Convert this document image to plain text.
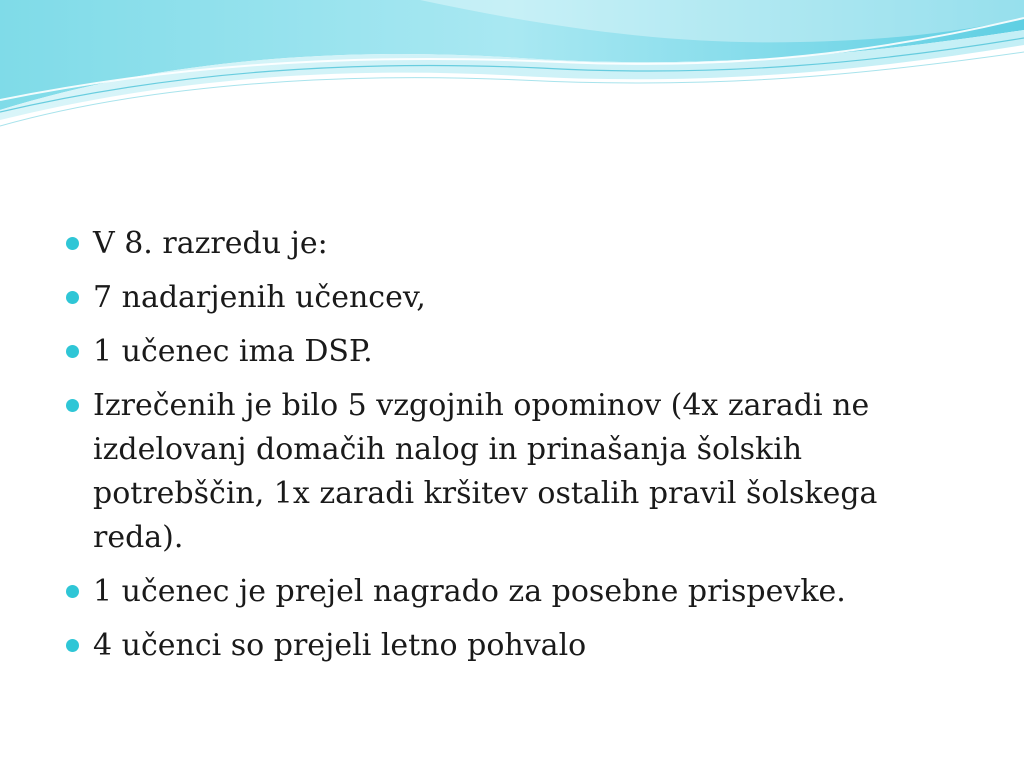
V 8. razredu je:
7 nadarjenih učencev,
1 učenec ima DSP.
Izrečenih je bilo 5 vzgojnih opominov (4x zaradi ne izdelovanj domačih nalog in prinašanja šolskih potrebščin, 1x zaradi kršitev ostalih pravil šolskega reda).
1 učenec je prejel nagrado za posebne prispevke.
4 učenci so prejeli letno pohvalo
